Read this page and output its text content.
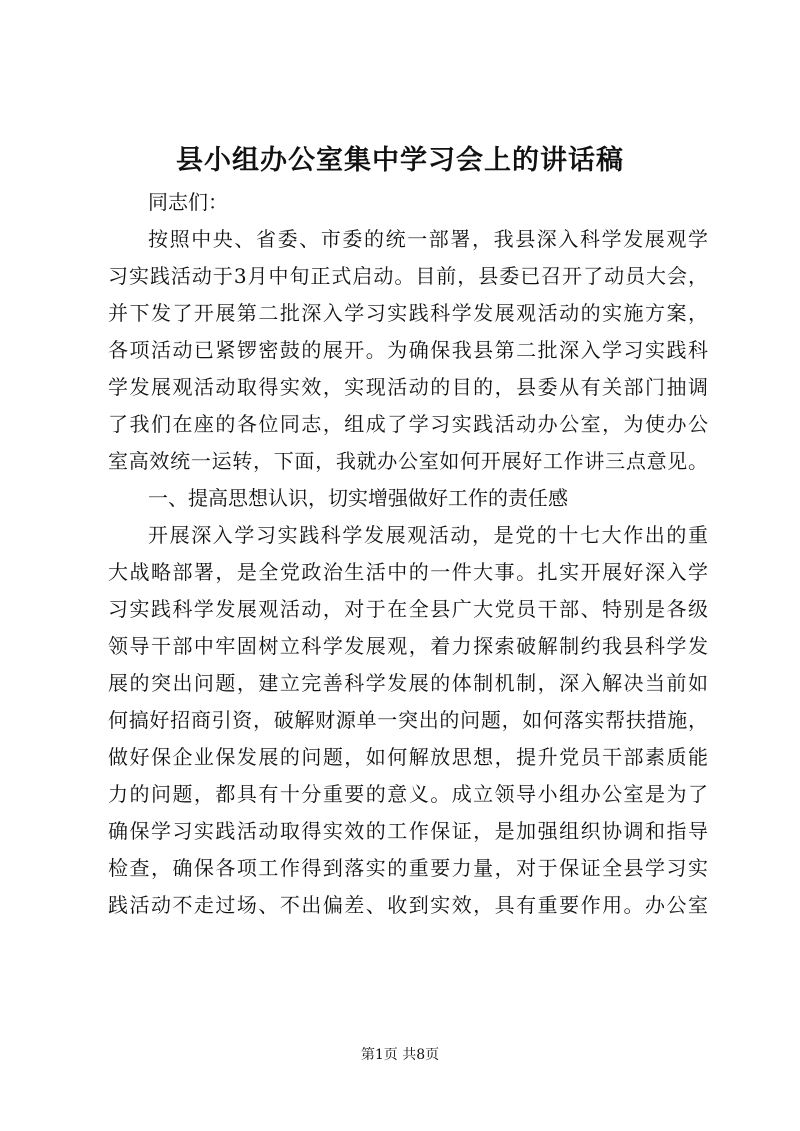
县小组办公室集中学习会上的讲话稿
同志们：
按照中央、省委、市委的统一部署，我县深入科学发展观学
习实践活动于3月中旬正式启动。目前，县委已召开了动员大会，
并下发了开展第二批深入学习实践科学发展观活动的实施方案，
各项活动已紧锣密鼓的展开。为确保我县第二批深入学习实践科
学发展观活动取得实效，实现活动的目的，县委从有关部门抽调
了我们在座的各位同志，组成了学习实践活动办公室，为使办公
室高效统一运转，下面，我就办公室如何开展好工作讲三点意见。
一、提高思想认识，切实增强做好工作的责任感
开展深入学习实践科学发展观活动，是党的十七大作出的重
大战略部署，是全党政治生活中的一件大事。扎实开展好深入学
习实践科学发展观活动，对于在全县广大党员干部、特别是各级
领导干部中牢固树立科学发展观，着力探索破解制约我县科学发
展的突出问题，建立完善科学发展的体制机制，深入解决当前如
何搞好招商引资，破解财源单一突出的问题，如何落实帮扶措施，
做好保企业保发展的问题，如何解放思想，提升党员干部素质能
力的问题，都具有十分重要的意义。成立领导小组办公室是为了
确保学习实践活动取得实效的工作保证，是加强组织协调和指导
检查，确保各项工作得到落实的重要力量，对于保证全县学习实
践活动不走过场、不出偏差、收到实效，具有重要作用。办公室
第1页 共8页
